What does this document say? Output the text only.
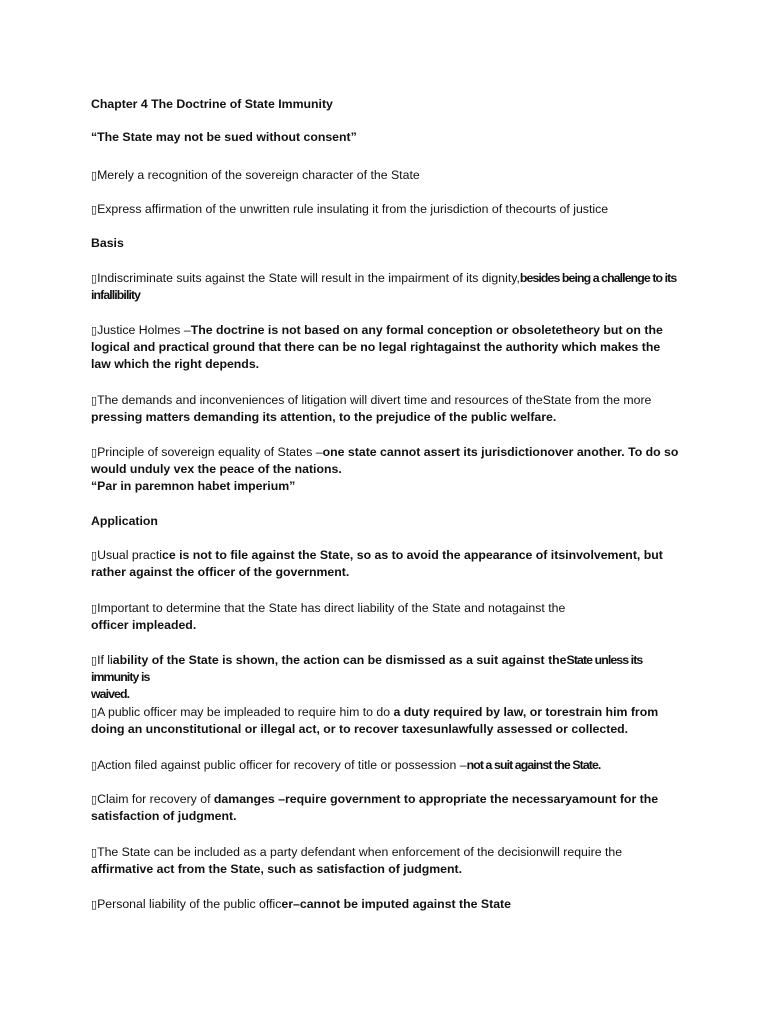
Chapter 4 The Doctrine of State Immunity

“The State may not be sued without consent”

▯Merely a recognition of the sovereign character of the State

▯Express affirmation of the unwritten rule insulating it from the jurisdiction of thecourts of justice

Basis

▯Indiscriminate suits against the State will result in the impairment of its dignity,besides being a challenge to its
infallibility

▯Justice Holmes –The doctrine is not based on any formal conception or obsoletetheory but on the
logical and practical ground that there can be no legal rightagainst the authority which makes the
law which the right depends.

▯The demands and inconveniences of litigation will divert time and resources of theState from the more
pressing matters demanding its attention, to the prejudice of the public welfare.

▯Principle of sovereign equality of States –one state cannot assert its jurisdictionover another. To do so
would unduly vex the peace of the nations.
“Par in paremnon habet imperium”

Application

▯Usual practice is not to file against the State, so as to avoid the appearance of itsinvolvement, but
rather against the officer of the government.

▯Important to determine that the State has direct liability of the State and notagainst the
officer impleaded.

▯If liability of the State is shown, the action can be dismissed as a suit against theState unless its immunity is
waived.

▯A public officer may be impleaded to require him to do a duty required by law, or torestrain him from
doing an unconstitutional or illegal act, or to recover taxesunlawfully assessed or collected.

▯Action filed against public officer for recovery of title or possession –not a suit against the State.

▯Claim for recovery of damanges –require government to appropriate the necessaryamount for the
satisfaction of judgment.

▯The State can be included as a party defendant when enforcement of the decisionwill require the
affirmative act from the State, such as satisfaction of judgment.

▯Personal liability of the public officer–cannot be imputed against the State
